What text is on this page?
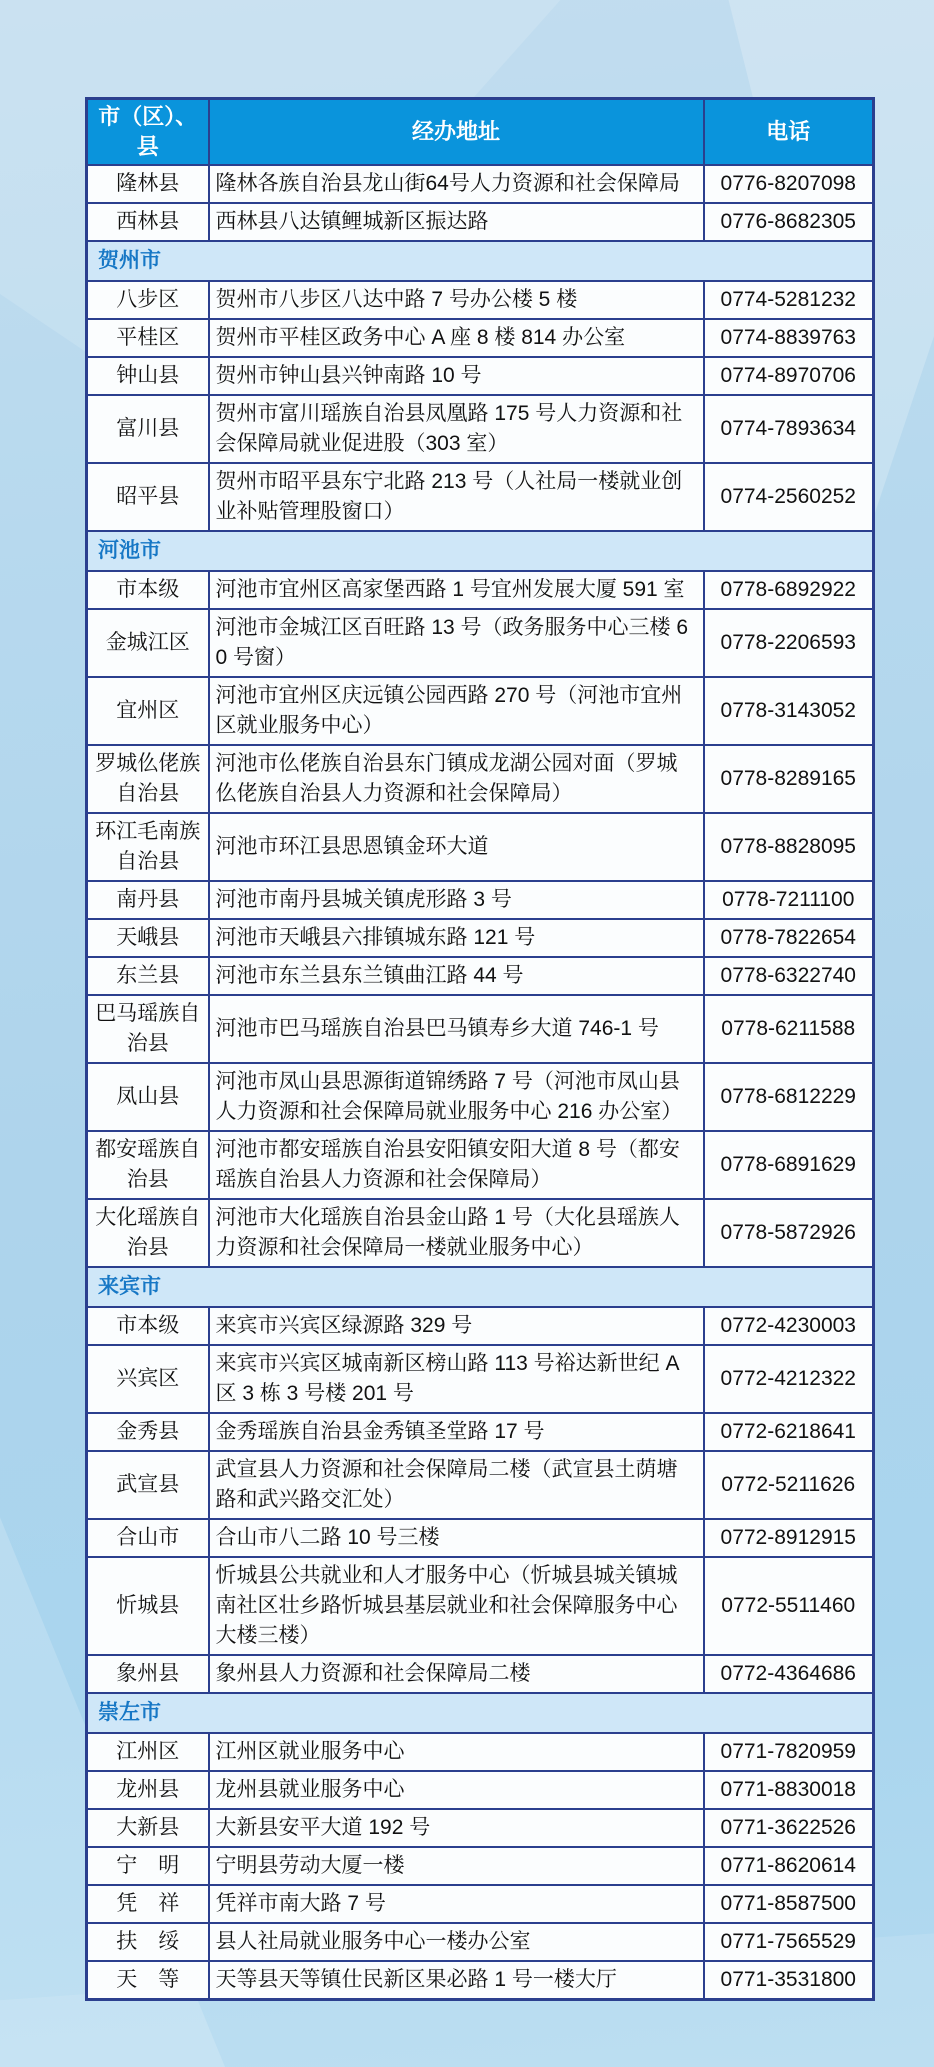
市（区）、县	经办地址	电话
隆林县	隆林各族自治县龙山街64号人力资源和社会保障局	0776-8207098
西林县	西林县八达镇鲤城新区振达路	0776-8682305
贺州市		
八步区	贺州市八步区八达中路 7 号办公楼 5 楼	0774-5281232
平桂区	贺州市平桂区政务中心 A 座 8 楼 814 办公室	0774-8839763
钟山县	贺州市钟山县兴钟南路 10 号	0774-8970706
富川县	贺州市富川瑶族自治县凤凰路 175 号人力资源和社会保障局就业促进股（303 室）	0774-7893634
昭平县	贺州市昭平县东宁北路 213 号（人社局一楼就业创业补贴管理股窗口）	0774-2560252
河池市		
市本级	河池市宜州区高家堡西路 1 号宜州发展大厦 591 室	0778-6892922
金城江区	河池市金城江区百旺路 13 号（政务服务中心三楼 60 号窗）	0778-2206593
宜州区	河池市宜州区庆远镇公园西路 270 号（河池市宜州区就业服务中心）	0778-3143052
罗城仫佬族自治县	河池市仫佬族自治县东门镇成龙湖公园对面（罗城仫佬族自治县人力资源和社会保障局）	0778-8289165
环江毛南族自治县	河池市环江县思恩镇金环大道	0778-8828095
南丹县	河池市南丹县城关镇虎形路 3 号	0778-7211100
天峨县	河池市天峨县六排镇城东路 121 号	0778-7822654
东兰县	河池市东兰县东兰镇曲江路 44 号	0778-6322740
巴马瑶族自治县	河池市巴马瑶族自治县巴马镇寿乡大道 746-1 号	0778-6211588
凤山县	河池市凤山县思源街道锦绣路 7 号（河池市凤山县人力资源和社会保障局就业服务中心 216 办公室）	0778-6812229
都安瑶族自治县	河池市都安瑶族自治县安阳镇安阳大道 8 号（都安瑶族自治县人力资源和社会保障局）	0778-6891629
大化瑶族自治县	河池市大化瑶族自治县金山路 1 号（大化县瑶族人力资源和社会保障局一楼就业服务中心）	0778-5872926
来宾市		
市本级	来宾市兴宾区绿源路 329 号	0772-4230003
兴宾区	来宾市兴宾区城南新区榜山路 113 号裕达新世纪 A 区 3 栋 3 号楼 201 号	0772-4212322
金秀县	金秀瑶族自治县金秀镇圣堂路 17 号	0772-6218641
武宣县	武宣县人力资源和社会保障局二楼（武宣县土荫塘路和武兴路交汇处）	0772-5211626
合山市	合山市八二路 10 号三楼	0772-8912915
忻城县	忻城县公共就业和人才服务中心（忻城县城关镇城南社区壮乡路忻城县基层就业和社会保障服务中心大楼三楼）	0772-5511460
象州县	象州县人力资源和社会保障局二楼	0772-4364686
崇左市		
江州区	江州区就业服务中心	0771-7820959
龙州县	龙州县就业服务中心	0771-8830018
大新县	大新县安平大道 192 号	0771-3622526
宁　明	宁明县劳动大厦一楼	0771-8620614
凭　祥	凭祥市南大路 7 号	0771-8587500
扶　绥	县人社局就业服务中心一楼办公室	0771-7565529
天　等	天等县天等镇仕民新区果必路 1 号一楼大厅	0771-3531800
